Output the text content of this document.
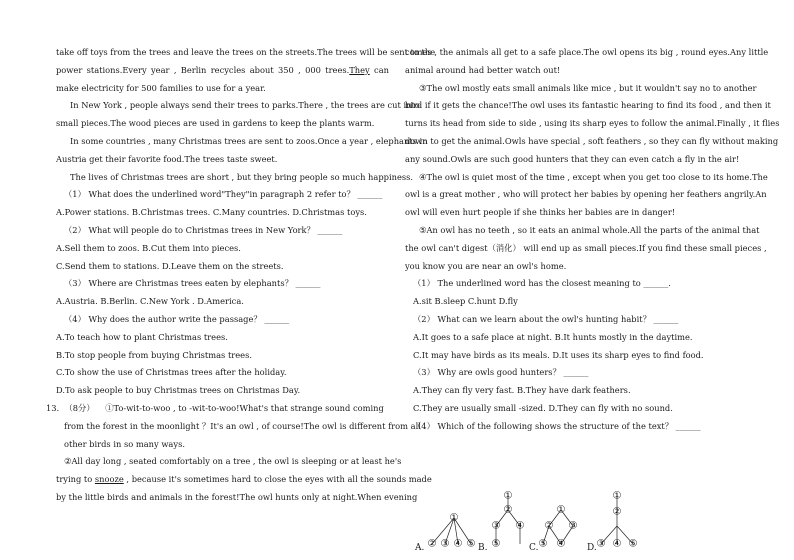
take off toys from the trees and leave the trees on the streets.The trees will be sent to the
power stations.Every year , Berlin recycles about 350 , 000 trees.They can
make electricity for 500 families to use for a year.
In New York , people always send their trees to parks.There , the trees are cut into
small pieces.The wood pieces are used in gardens to keep the plants warm.
In some countries , many Christmas trees are sent to zoos.Once a year , elephants in
Austria get their favorite food.The trees taste sweet.
The lives of Christmas trees are short , but they bring people so much happiness.
（1） What does the underlined word"They"in paragraph 2 refer to？ ______
A.Power stations. B.Christmas trees. C.Many countries. D.Christmas toys.
（2） What will people do to Christmas trees in New York？ ______
A.Sell them to zoos. B.Cut them into pieces.
C.Send them to stations. D.Leave them on the streets.
（3） Where are Christmas trees eaten by elephants？ ______
A.Austria. B.Berlin. C.New York . D.America.
（4） Why does the author write the passage？ ______
A.To teach how to plant Christmas trees.
B.To stop people from buying Christmas trees.
C.To show the use of Christmas trees after the holiday.
D.To ask people to buy Christmas trees on Christmas Day.
13. （8分） ①To-wit-to-woo , to -wit-to-woo!What's that strange sound coming
from the forest in the moonlight ？It's an owl , of course!The owl is different from all
other birds in so many ways.
②All day long , seated comfortably on a tree , the owl is sleeping or at least he's
trying to snooze , because it's sometimes hard to close the eyes with all the sounds made
by the little birds and animals in the forest!The owl hunts only at night.When evening
comes , the animals all get to a safe place.The owl opens its big , round eyes.Any little
animal around had better watch out!
③The owl mostly eats small animals like mice , but it wouldn't say no to another
bird if it gets the chance!The owl uses its fantastic hearing to find its food , and then it
turns its head from side to side , using its sharp eyes to follow the animal.Finally , it flies
down to get the animal.Owls have special , soft feathers , so they can fly without making
any sound.Owls are such good hunters that they can even catch a fly in the air!
④The owl is quiet most of the time , except when you get too close to its home.The
owl is a great mother , who will protect her babies by opening her feathers angrily.An
owl will even hurt people if she thinks her babies are in danger!
⑤An owl has no teeth , so it eats an animal whole.All the parts of the animal that
the owl can't digest（消化） will end up as small pieces.If you find these small pieces ,
you know you are near an owl's home.
（1） The underlined word has the closest meaning to ______.
A.sit B.sleep C.hunt D.fly
（2） What can we learn about the owl's hunting habit？ ______
A.It goes to a safe place at night. B.It hunts mostly in the daytime.
C.It may have birds as its meals. D.It uses its sharp eyes to find food.
（3） Why are owls good hunters？ ______
A.They can fly very fast. B.They have dark feathers.
C.They are usually small -sized. D.They can fly with no sound.
（4） Which of the following shows the structure of the text？ ______
A.
①
② ③ ④ ⑤ B.
①
②
③ ④
⑤	C.
①
② ③
④
⑤	D.
①
②
③ ④ ⑤
